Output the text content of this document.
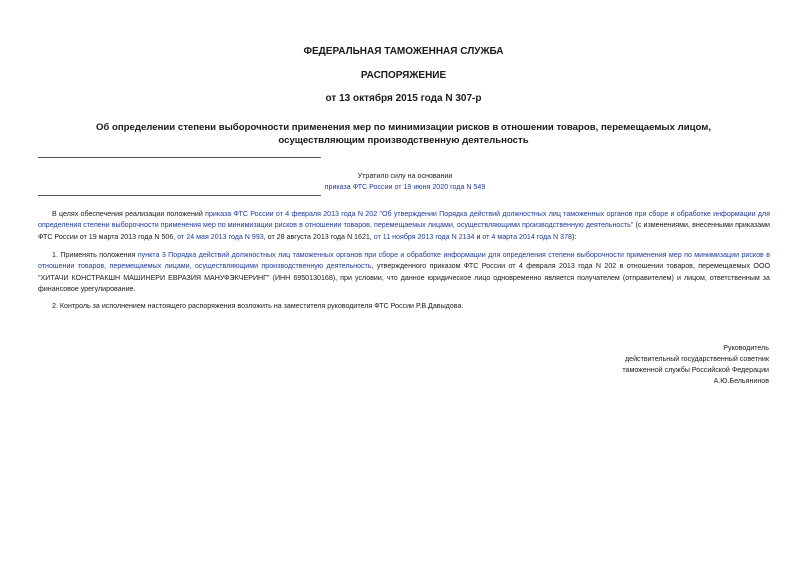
ФЕДЕРАЛЬНАЯ ТАМОЖЕННАЯ СЛУЖБА
РАСПОРЯЖЕНИЕ
от 13 октября 2015 года N 307-р
Об определении степени выборочности применения мер по минимизации рисков в отношении товаров, перемещаемых лицом, осуществляющим производственную деятельность
Утратило силу на основании
приказа ФТС России от 19 июня 2020 года N 549
В целях обеспечения реализации положений приказа ФТС России от 4 февраля 2013 года N 202 "Об утверждении Порядка действий должностных лиц таможенных органов при сборе и обработке информации для определения степени выборочности применения мер по минимизации рисков в отношении товаров, перемещаемых лицами, осуществляющими производственную деятельность" (с изменениями, внесенными приказами ФТС России от 19 марта 2013 года N 506, от 24 мая 2013 года N 993, от 28 августа 2013 года N 1621, от 11 ноября 2013 года N 2134 и от 4 марта 2014 года N 378):
1. Применять положения пункта 3 Порядка действий должностных лиц таможенных органов при сборе и обработке информации для определения степени выборочности применения мер по минимизации рисков в отношении товаров, перемещаемых лицами, осуществляющими производственную деятельность, утвержденного приказом ФТС России от 4 февраля 2013 года N 202 в отношении товаров, перемещаемых ООО "ХИТАЧИ КОНСТРАКШН МАШИНЕРИ ЕВРАЗИЯ МАНУФЭКЧЕРИНГ" (ИНН 6950130168), при условии, что данное юридическое лицо одновременно является получателем (отправителем) и лицом, ответственным за финансовое урегулирование.
2. Контроль за исполнением настоящего распоряжения возложить на заместителя руководителя ФТС России Р.В.Давыдова.
Руководитель
действительный государственный советник
таможенной службы Российской Федерации
А.Ю.Бельянинов
